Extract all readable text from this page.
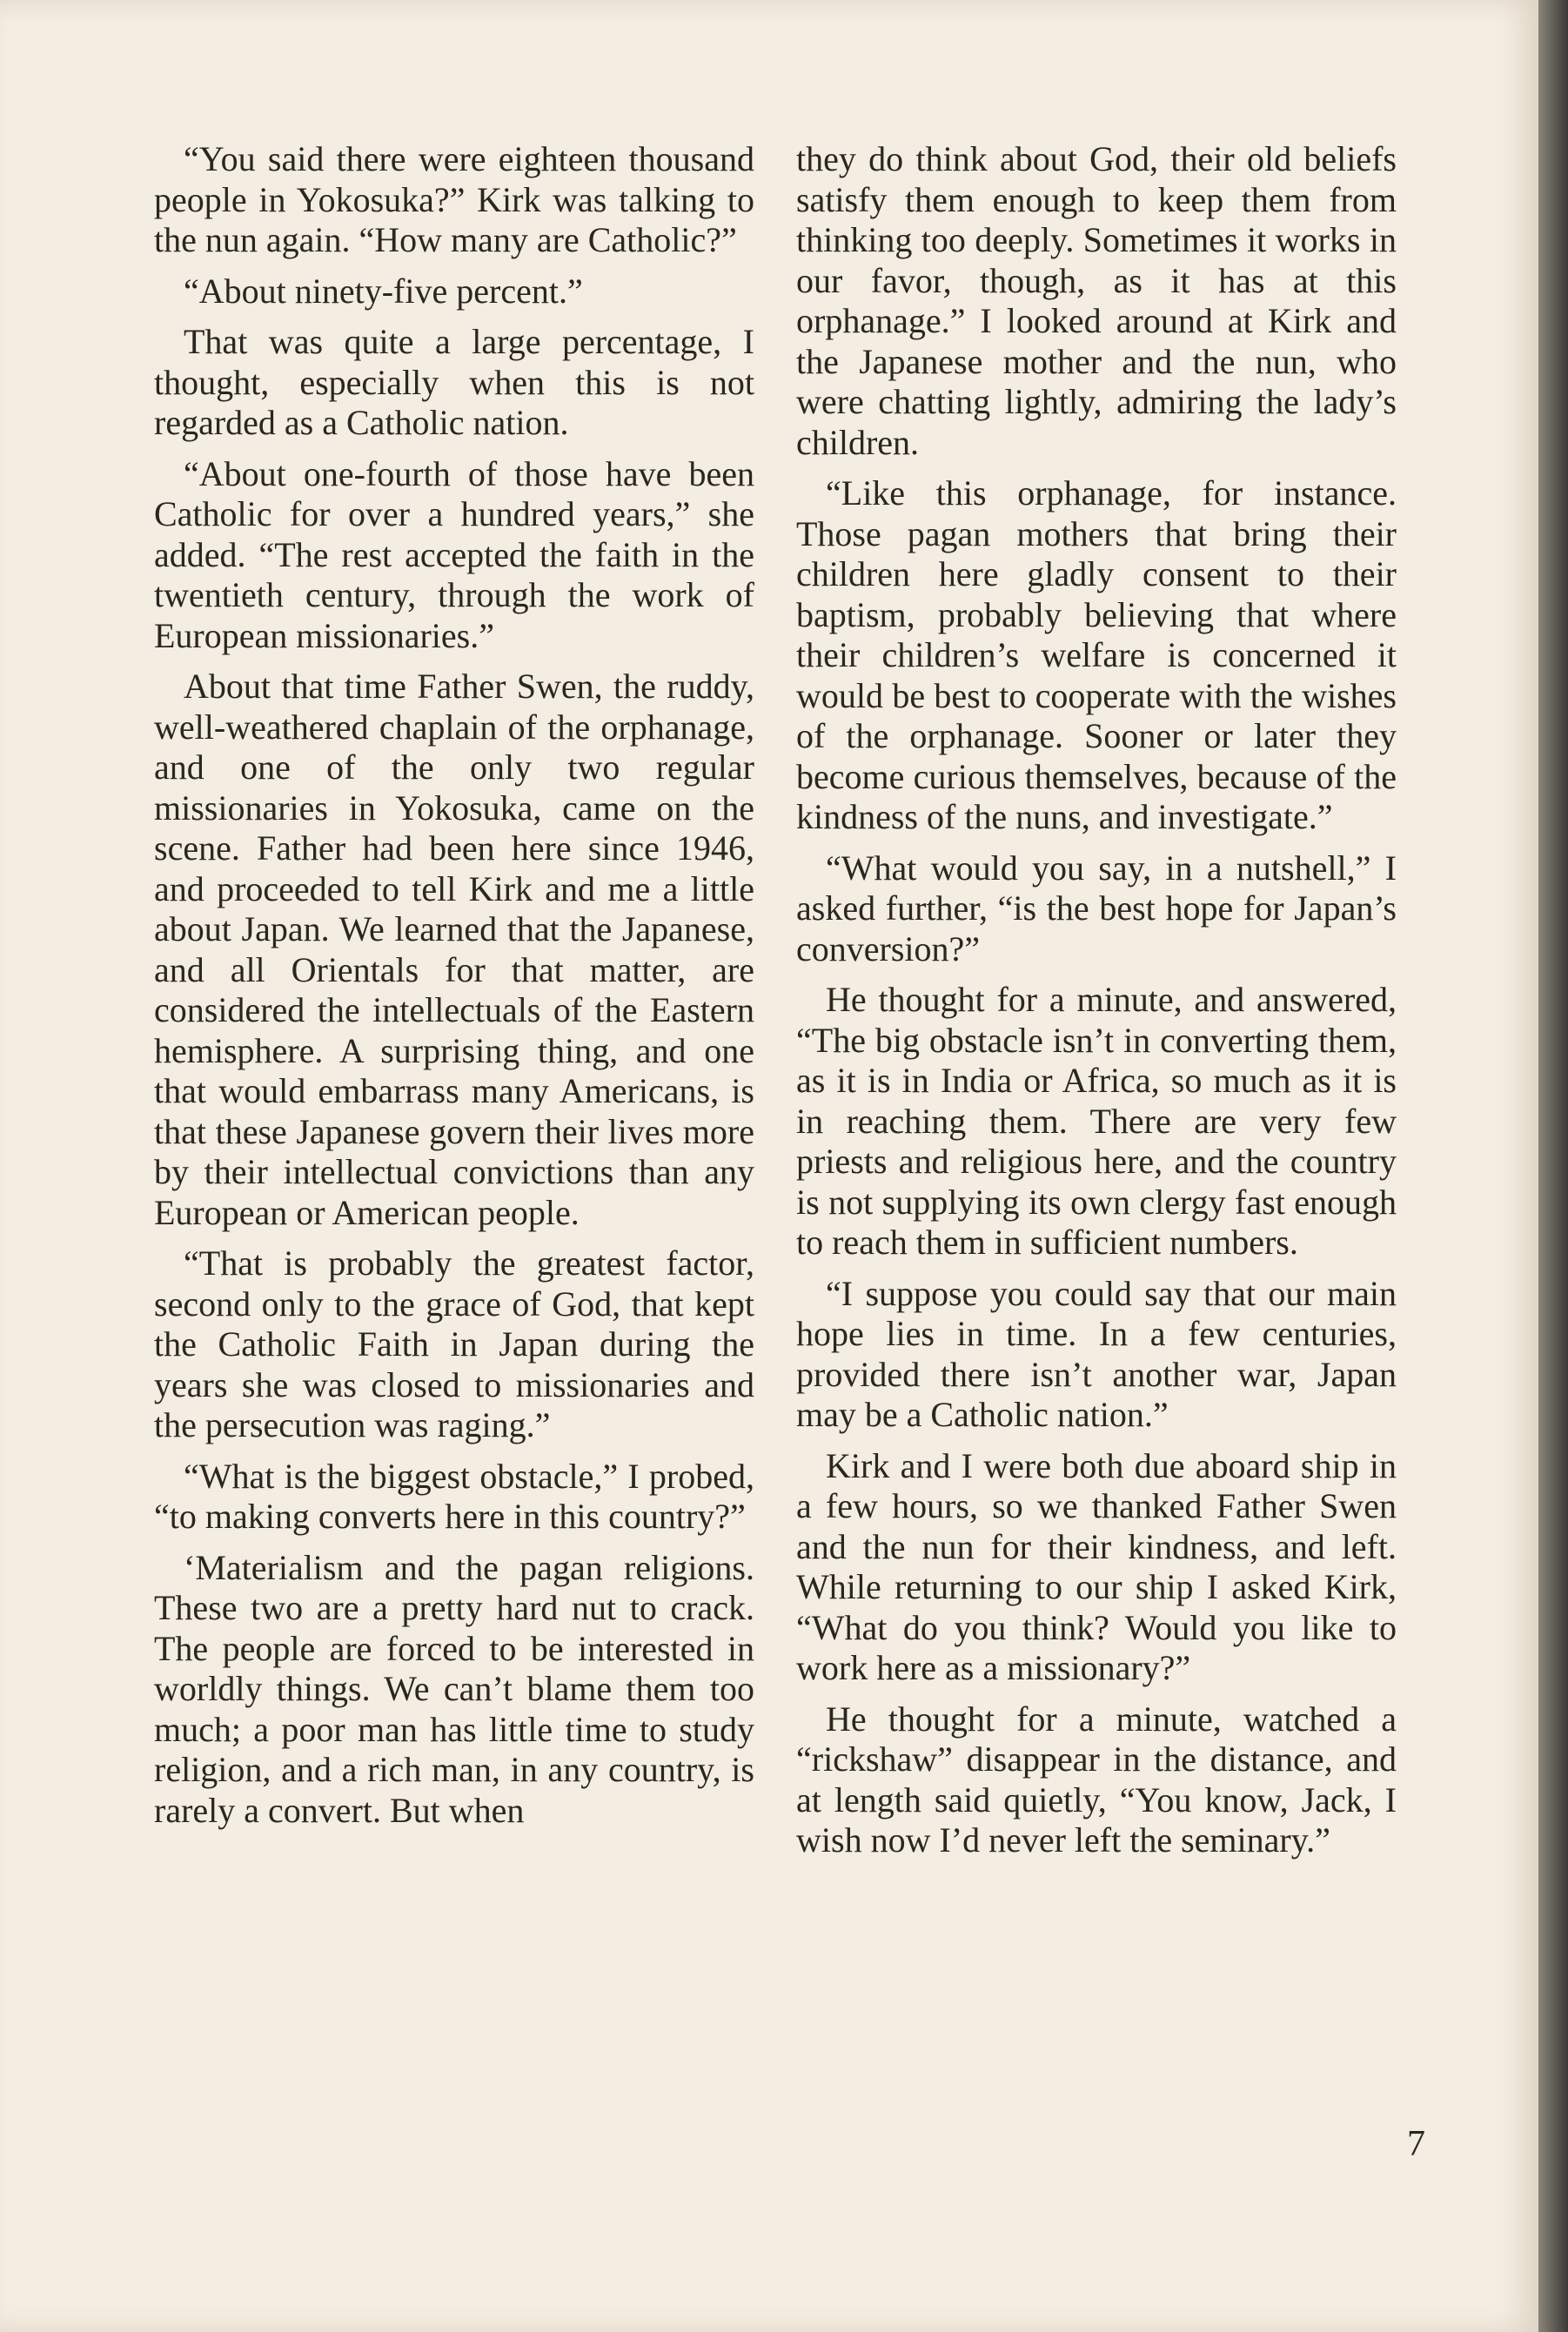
“You said there were eighteen thousand people in Yokosuka?” Kirk was talking to the nun again. “How many are Catholic?”

“About ninety-five percent.”

That was quite a large percentage, I thought, especially when this is not regarded as a Catholic nation.

“About one-fourth of those have been Catholic for over a hundred years,” she added. “The rest accepted the faith in the twentieth century, through the work of European missionaries.”

About that time Father Swen, the ruddy, well-weathered chaplain of the orphanage, and one of the only two regular missionaries in Yokosuka, came on the scene. Father had been here since 1946, and proceeded to tell Kirk and me a little about Japan. We learned that the Japanese, and all Orientals for that matter, are considered the intellectuals of the Eastern hemisphere. A surprising thing, and one that would embarrass many Americans, is that these Japanese govern their lives more by their intellectual convictions than any European or American people.

“That is probably the greatest factor, second only to the grace of God, that kept the Catholic Faith in Japan during the years she was closed to missionaries and the persecution was raging.”

“What is the biggest obstacle,” I probed, “to making converts here in this country?”

‘Materialism and the pagan religions. These two are a pretty hard nut to crack. The people are forced to be interested in worldly things. We can’t blame them too much; a poor man has little time to study religion, and a rich man, in any country, is rarely a convert. But when

they do think about God, their old beliefs satisfy them enough to keep them from thinking too deeply. Sometimes it works in our favor, though, as it has at this orphanage.” I looked around at Kirk and the Japanese mother and the nun, who were chatting lightly, admiring the lady’s children.

“Like this orphanage, for instance. Those pagan mothers that bring their children here gladly consent to their baptism, probably believing that where their children’s welfare is concerned it would be best to cooperate with the wishes of the orphanage. Sooner or later they become curious themselves, because of the kindness of the nuns, and investigate.”

“What would you say, in a nutshell,” I asked further, “is the best hope for Japan’s conversion?”

He thought for a minute, and answered, “The big obstacle isn’t in converting them, as it is in India or Africa, so much as it is in reaching them. There are very few priests and religious here, and the country is not supplying its own clergy fast enough to reach them in sufficient numbers.

“I suppose you could say that our main hope lies in time. In a few centuries, provided there isn’t another war, Japan may be a Catholic nation.”

Kirk and I were both due aboard ship in a few hours, so we thanked Father Swen and the nun for their kindness, and left. While returning to our ship I asked Kirk, “What do you think? Would you like to work here as a missionary?”

He thought for a minute, watched a “rickshaw” disappear in the distance, and at length said quietly, “You know, Jack, I wish now I’d never left the seminary.”

7
